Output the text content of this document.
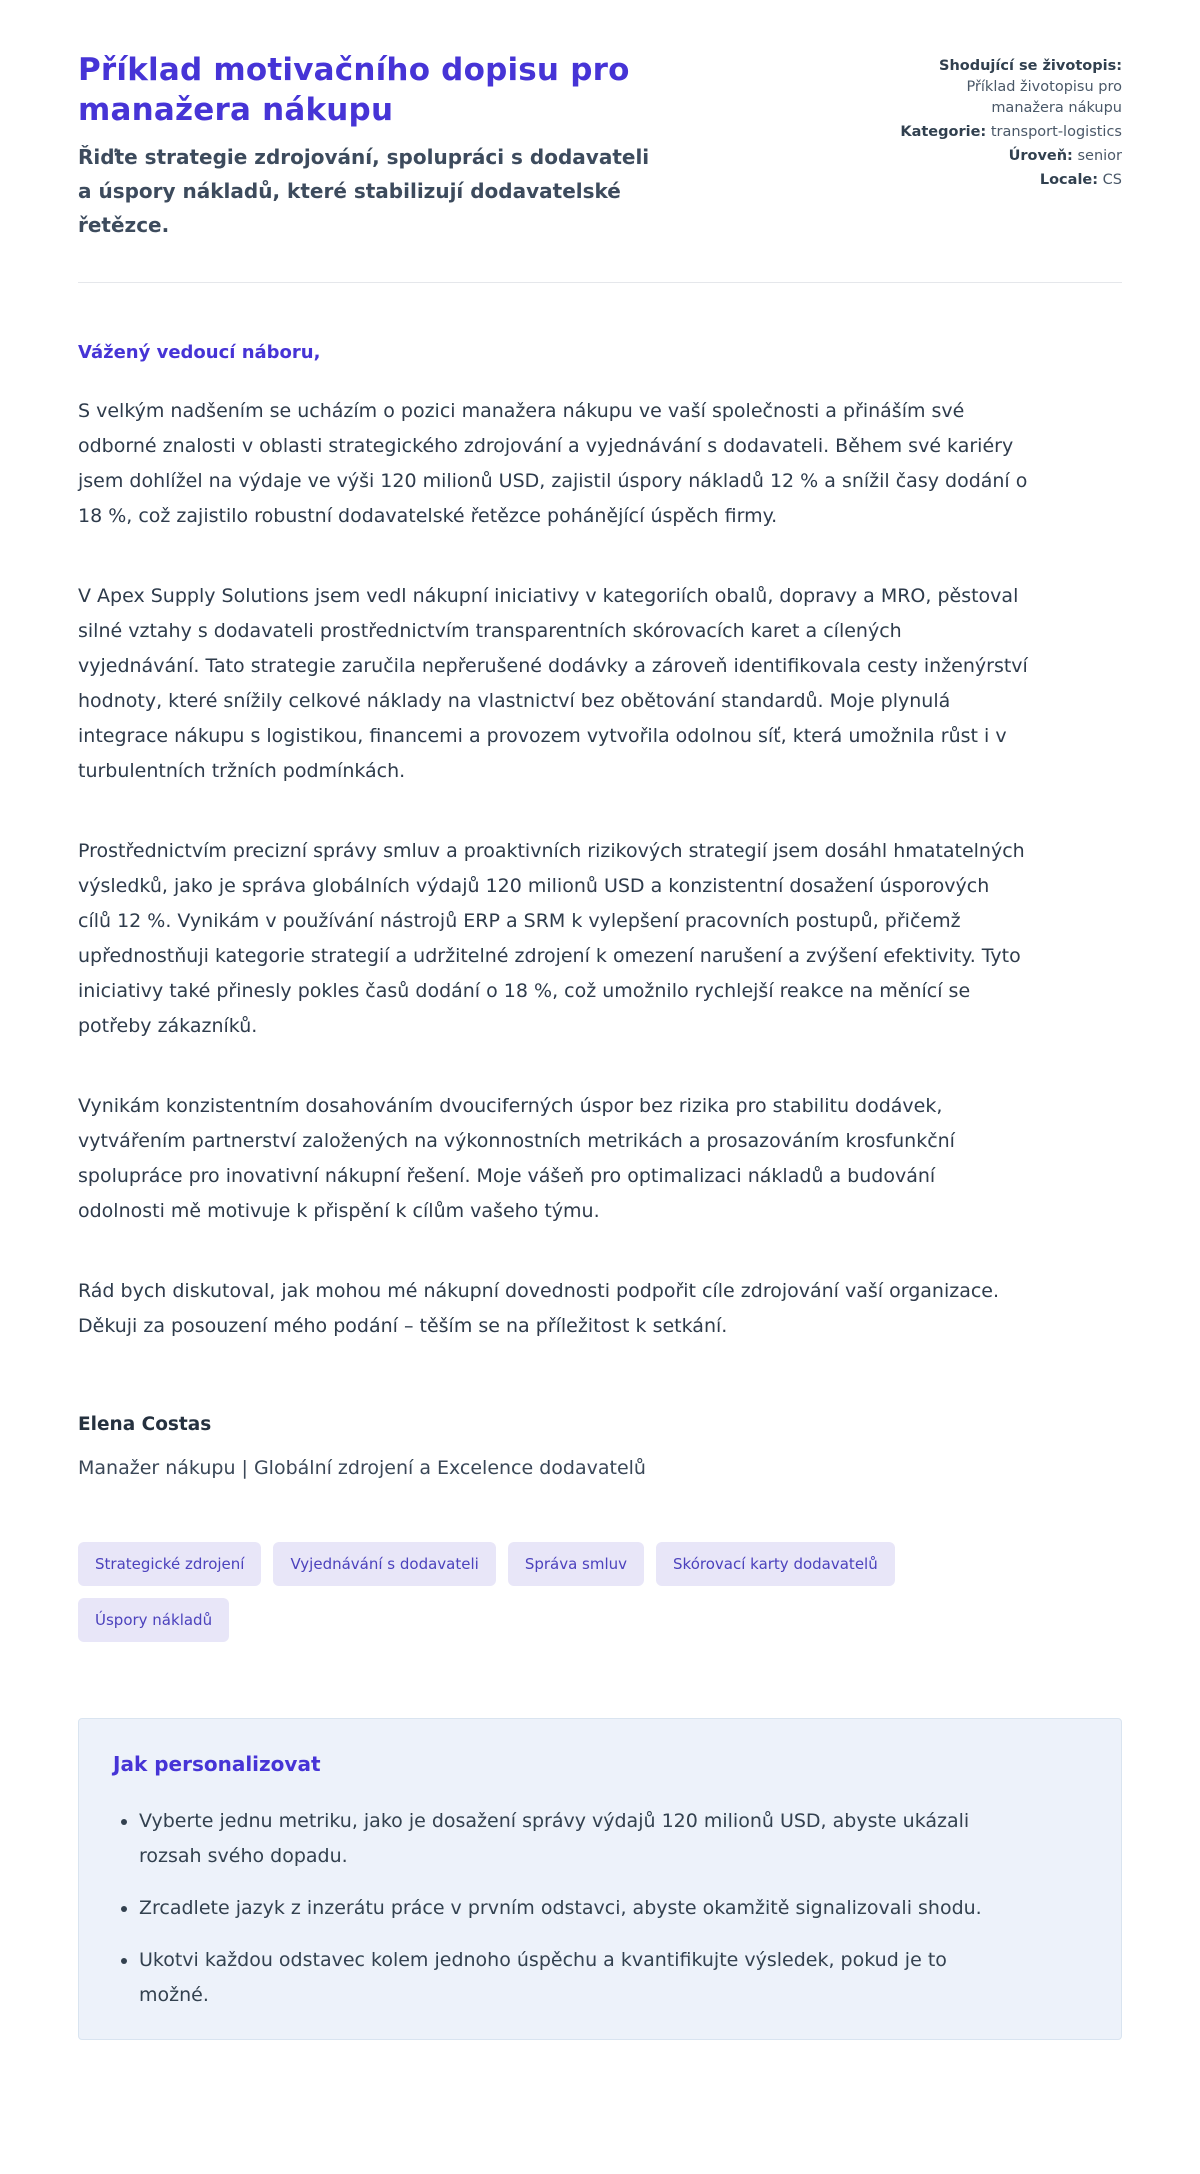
Příklad motivačního dopisu pro manažera nákupu

Řiďte strategie zdrojování, spolupráci s dodavateli a úspory nákladů, které stabilizují dodavatelské řetězce.

Shodující se životopis: Příklad životopisu pro manažera nákupu
Kategorie: transport-logistics
Úroveň: senior
Locale: CS

Vážený vedoucí náboru,

S velkým nadšením se ucházím o pozici manažera nákupu ve vaší společnosti a přináším své odborné znalosti v oblasti strategického zdrojování a vyjednávání s dodavateli. Během své kariéry jsem dohlížel na výdaje ve výši 120 milionů USD, zajistil úspory nákladů 12 % a snížil časy dodání o 18 %, což zajistilo robustní dodavatelské řetězce pohánějící úspěch firmy.

V Apex Supply Solutions jsem vedl nákupní iniciativy v kategoriích obalů, dopravy a MRO, pěstoval silné vztahy s dodavateli prostřednictvím transparentních skórovacích karet a cílených vyjednávání. Tato strategie zaručila nepřerušené dodávky a zároveň identifikovala cesty inženýrství hodnoty, které snížily celkové náklady na vlastnictví bez obětování standardů. Moje plynulá integrace nákupu s logistikou, financemi a provozem vytvořila odolnou síť, která umožnila růst i v turbulentních tržních podmínkách.

Prostřednictvím precizní správy smluv a proaktivních rizikových strategií jsem dosáhl hmatatelných výsledků, jako je správa globálních výdajů 120 milionů USD a konzistentní dosažení úsporových cílů 12 %. Vynikám v používání nástrojů ERP a SRM k vylepšení pracovních postupů, přičemž upřednostňuji kategorie strategií a udržitelné zdrojení k omezení narušení a zvýšení efektivity. Tyto iniciativy také přinesly pokles časů dodání o 18 %, což umožnilo rychlejší reakce na měnící se potřeby zákazníků.

Vynikám konzistentním dosahováním dvouciferných úspor bez rizika pro stabilitu dodávek, vytvářením partnerství založených na výkonnostních metrikách a prosazováním krosfunkční spolupráce pro inovativní nákupní řešení. Moje vášeň pro optimalizaci nákladů a budování odolnosti mě motivuje k přispění k cílům vašeho týmu.

Rád bych diskutoval, jak mohou mé nákupní dovednosti podpořit cíle zdrojování vaší organizace. Děkuji za posouzení mého podání – těším se na příležitost k setkání.

Elena Costas

Manažer nákupu | Globální zdrojení a Excelence dodavatelů

Strategické zdrojení	Vyjednávání s dodavateli	Správa smluv	Skórovací karty dodavatelů
Úspory nákladů
Jak personalizovat
• Vyberte jednu metriku, jako je dosažení správy výdajů 120 milionů USD, abyste ukázali rozsah svého dopadu.
• Zrcadlete jazyk z inzerátu práce v prvním odstavci, abyste okamžitě signalizovali shodu.
• Ukotvi každou odstavec kolem jednoho úspěchu a kvantifikujte výsledek, pokud je to možné.
